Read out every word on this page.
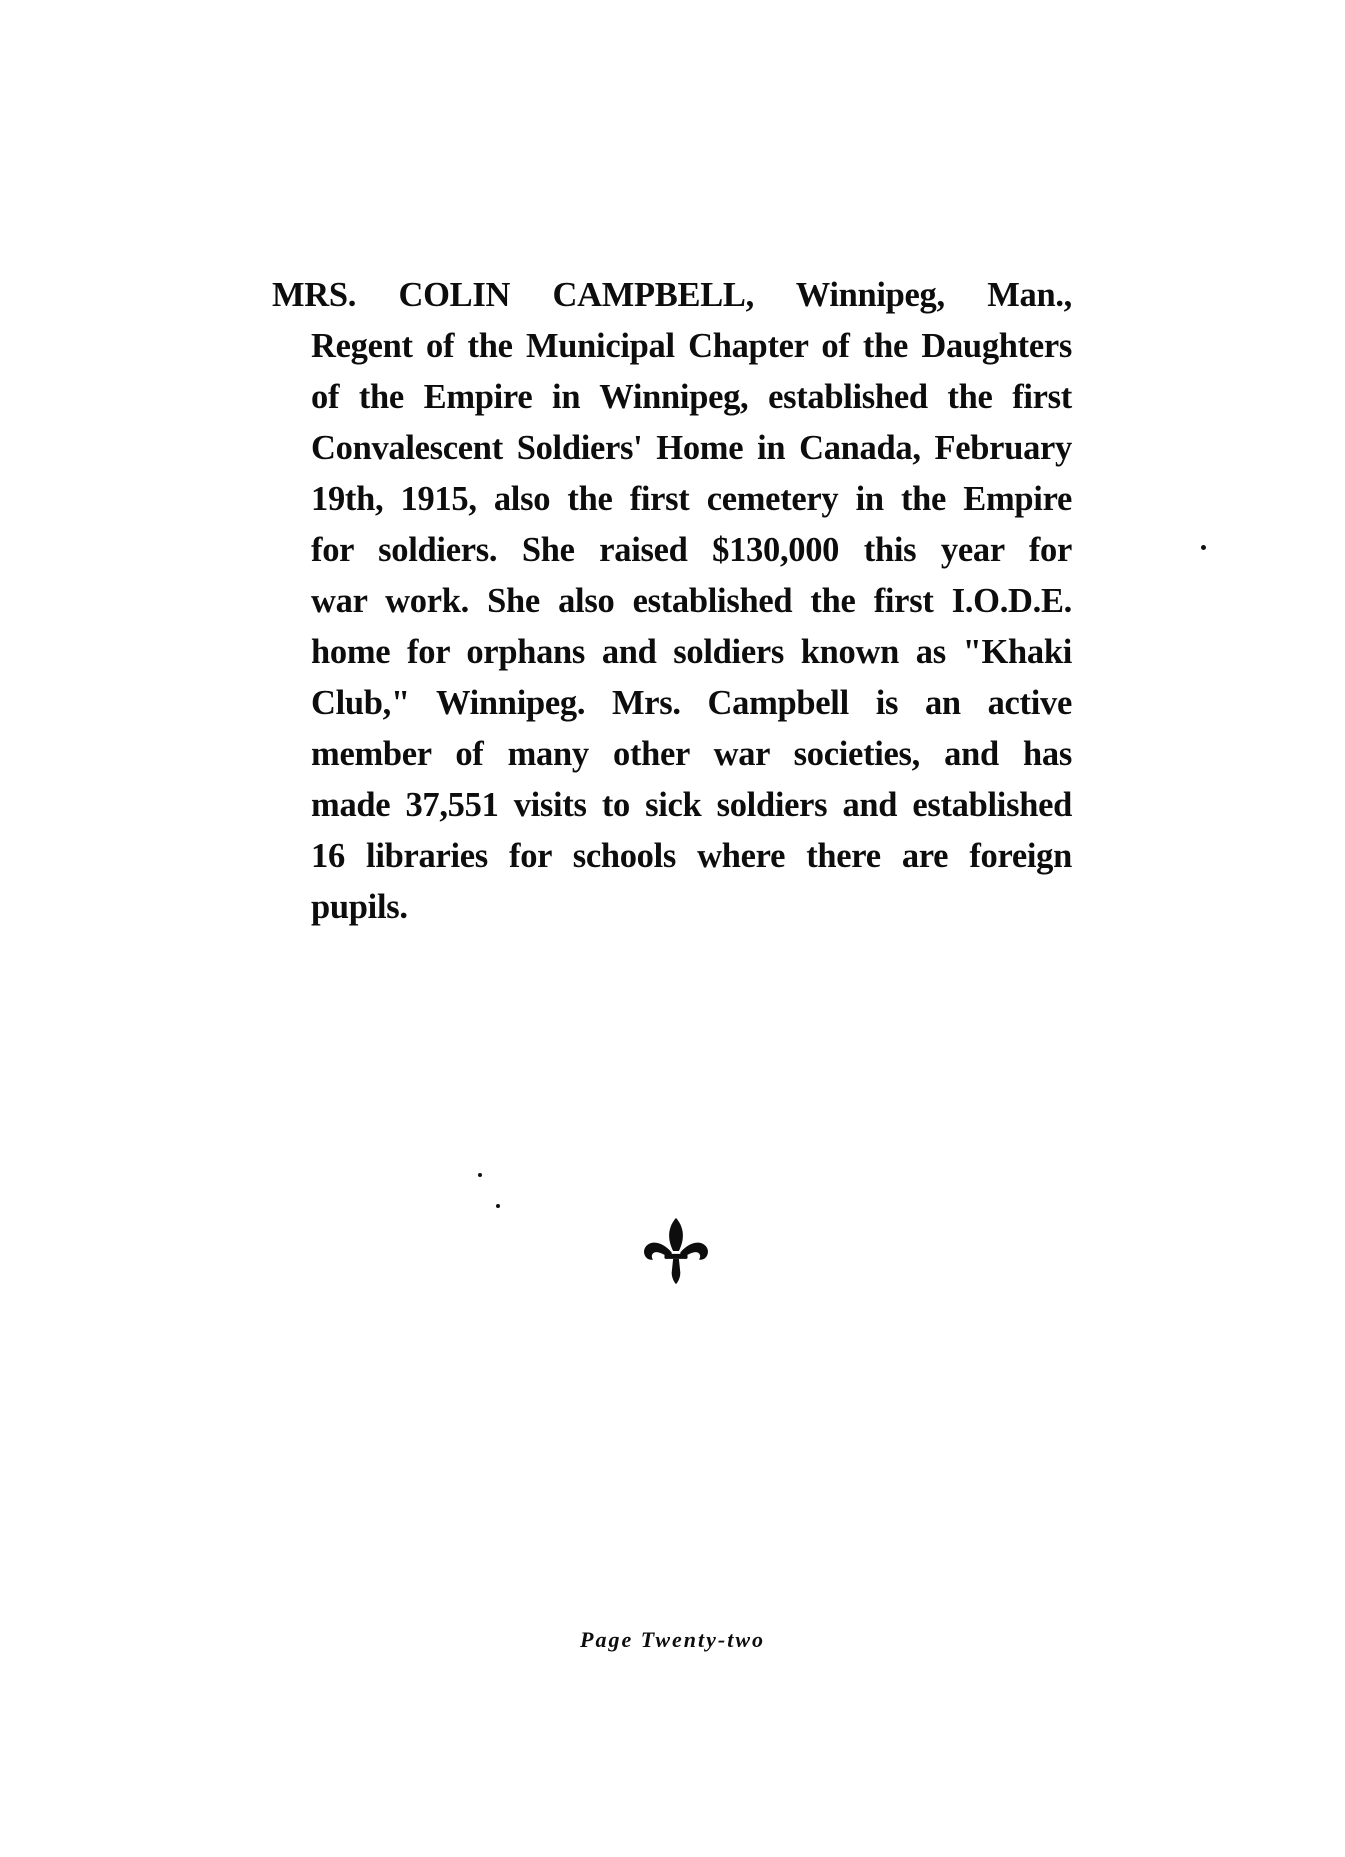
MRS. COLIN CAMPBELL, Winnipeg, Man.,
Regent of the Municipal Chapter of the Daughters
of the Empire in Winnipeg, established the first
Convalescent Soldiers' Home in Canada, February
19th, 1915, also the first cemetery in the Empire
for soldiers. She raised $130,000 this year for
war work. She also established the first I.O.D.E.
home for orphans and soldiers known as "Khaki
Club," Winnipeg. Mrs. Campbell is an active
member of many other war societies, and has
made 37,551 visits to sick soldiers and established
16 libraries for schools where there are foreign
pupils.

Page Twenty-two
